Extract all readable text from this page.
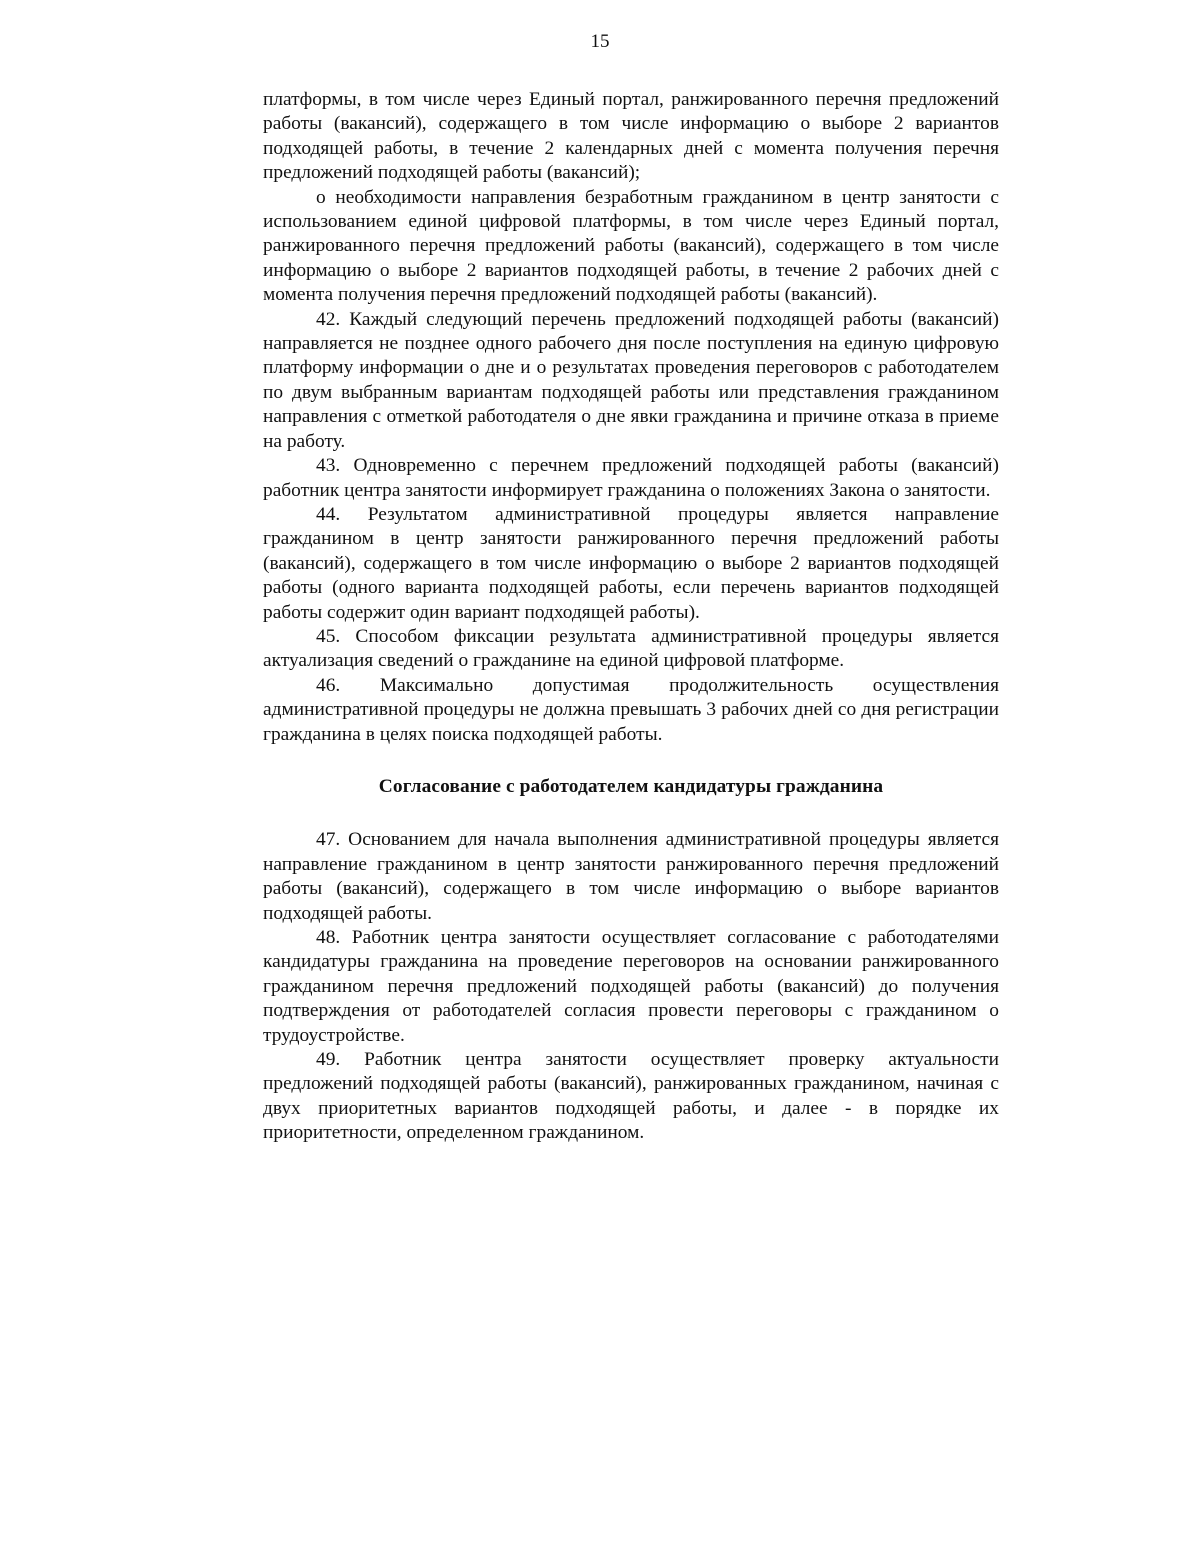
15

платформы, в том числе через Единый портал, ранжированного перечня предложений работы (вакансий), содержащего в том числе информацию о выборе 2 вариантов подходящей работы, в течение 2 календарных дней с момента получения перечня предложений подходящей работы (вакансий);

о необходимости направления безработным гражданином в центр занятости с использованием единой цифровой платформы, в том числе через Единый портал, ранжированного перечня предложений работы (вакансий), содержащего в том числе информацию о выборе 2 вариантов подходящей работы, в течение 2 рабочих дней с момента получения перечня предложений подходящей работы (вакансий).

42. Каждый следующий перечень предложений подходящей работы (вакансий) направляется не позднее одного рабочего дня после поступления на единую цифровую платформу информации о дне и о результатах проведения переговоров с работодателем по двум выбранным вариантам подходящей работы или представления гражданином направления с отметкой работодателя о дне явки гражданина и причине отказа в приеме на работу.

43. Одновременно с перечнем предложений подходящей работы (вакансий) работник центра занятости информирует гражданина о положениях Закона о занятости.

44. Результатом административной процедуры является направление гражданином в центр занятости ранжированного перечня предложений работы (вакансий), содержащего в том числе информацию о выборе 2 вариантов подходящей работы (одного варианта подходящей работы, если перечень вариантов подходящей работы содержит один вариант подходящей работы).

45. Способом фиксации результата административной процедуры является актуализация сведений о гражданине на единой цифровой платформе.

46. Максимально допустимая продолжительность осуществления административной процедуры не должна превышать 3 рабочих дней со дня регистрации гражданина в целях поиска подходящей работы.

Согласование с работодателем кандидатуры гражданина

47. Основанием для начала выполнения административной процедуры является направление гражданином в центр занятости ранжированного перечня предложений работы (вакансий), содержащего в том числе информацию о выборе вариантов подходящей работы.

48. Работник центра занятости осуществляет согласование с работодателями кандидатуры гражданина на проведение переговоров на основании ранжированного гражданином перечня предложений подходящей работы (вакансий) до получения подтверждения от работодателей согласия провести переговоры с гражданином о трудоустройстве.

49. Работник центра занятости осуществляет проверку актуальности предложений подходящей работы (вакансий), ранжированных гражданином, начиная с двух приоритетных вариантов подходящей работы, и далее - в порядке их приоритетности, определенном гражданином.
